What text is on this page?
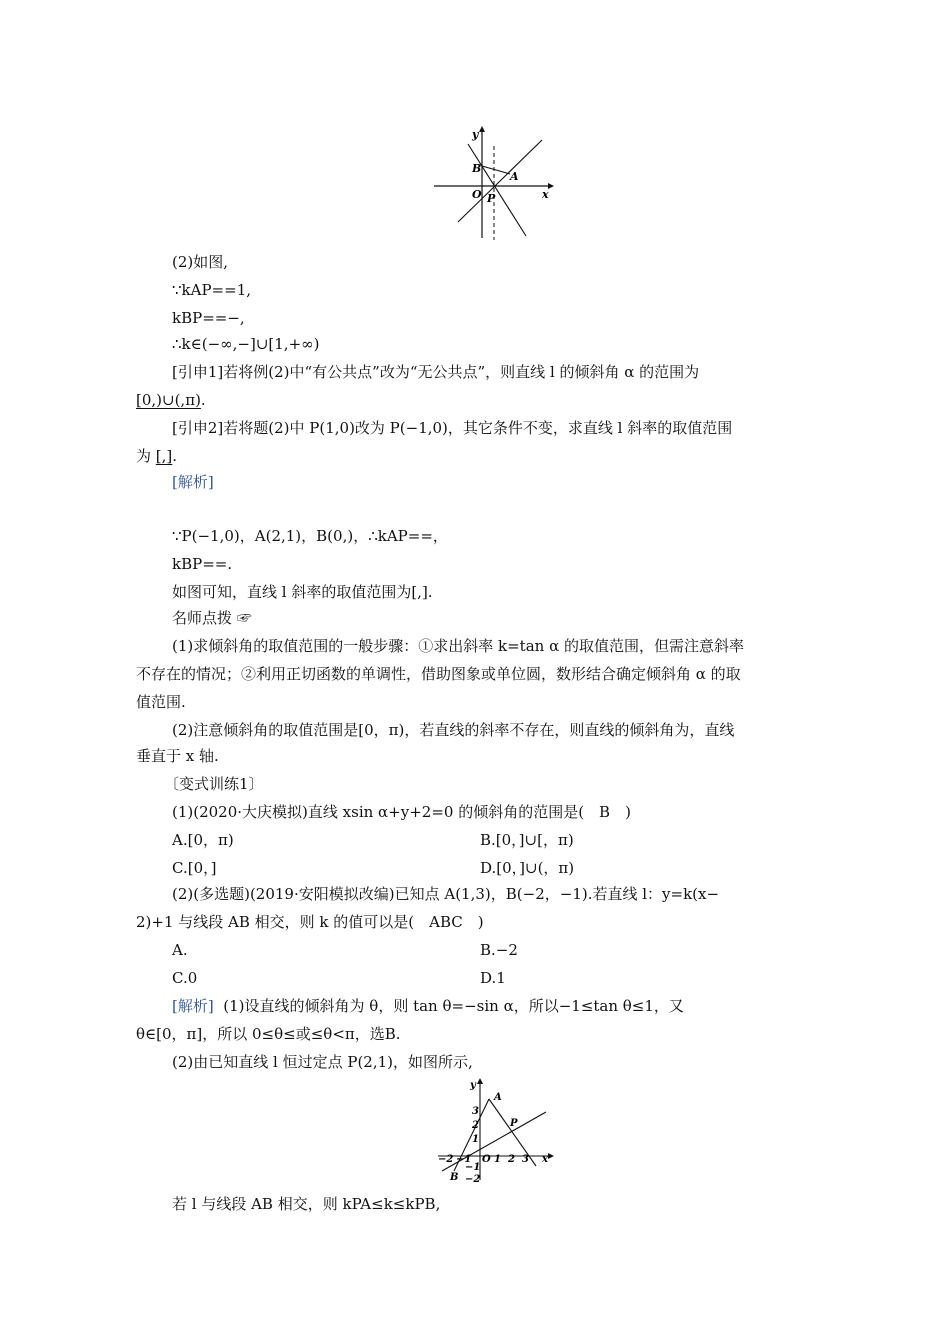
y
x
O
B
A
P
(2)如图,
∵kAP==1,
kBP==−,
∴k∈(−∞,−]∪[1,+∞)
[引申1]若将例(2)中“有公共点”改为“无公共点”，则直线 l 的倾斜角 α 的范围为
[0,)∪(,π).
[引申2]若将题(2)中 P(1,0)改为 P(−1,0)，其它条件不变，求直线 l 斜率的取值范围
为 [,].
[解析]
∵P(−1,0)，A(2,1)，B(0,)，∴kAP==，
kBP==.
如图可知，直线 l 斜率的取值范围为[,].
名师点拨 ☞
(1)求倾斜角的取值范围的一般步骤：①求出斜率 k=tan α 的取值范围，但需注意斜率
不存在的情况；②利用正切函数的单调性，借助图象或单位圆，数形结合确定倾斜角 α 的取
值范围.
(2)注意倾斜角的取值范围是[0，π)，若直线的斜率不存在，则直线的倾斜角为，直线
垂直于 x 轴.
〔变式训练1〕
(1)(2020·大庆模拟)直线 xsin α+y+2=0 的倾斜角的范围是(　B　)
A.[0，π)	B.[0，]∪[，π)
C.[0，]	D.[0，]∪(，π)
(2)(多选题)(2019·安阳模拟改编)已知点 A(1,3)，B(−2，−1).若直线 l：y=k(x−
2)+1 与线段 AB 相交，则 k 的值可以是(　ABC　)
A.	B.−2
C.0	D.1
[解析] (1)设直线的倾斜角为 θ，则 tan θ=−sin α，所以−1≤tan θ≤1，又
θ∈[0，π]，所以 0≤θ≤或≤θ<π，选B.
(2)由已知直线 l 恒过定点 P(2,1)，如图所示,
y
x
A
B
P
−2 −1 O 1 2 3
3
2
1
−1
−2
若 l 与线段 AB 相交，则 kPA≤k≤kPB,
